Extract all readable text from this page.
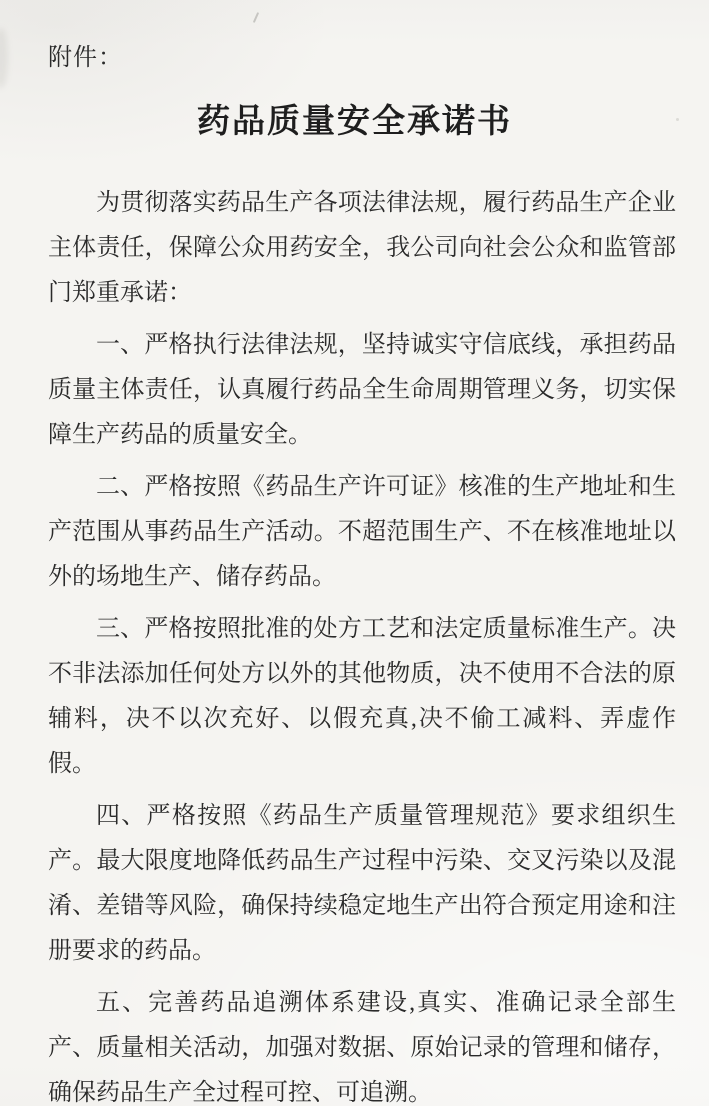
附件：
药品质量安全承诺书

为贯彻落实药品生产各项法律法规，履行药品生产企业主体责任，保障公众用药安全，我公司向社会公众和监管部门郑重承诺：

一、严格执行法律法规，坚持诚实守信底线，承担药品质量主体责任，认真履行药品全生命周期管理义务，切实保障生产药品的质量安全。

二、严格按照《药品生产许可证》核准的生产地址和生产范围从事药品生产活动。不超范围生产、不在核准地址以外的场地生产、储存药品。

三、严格按照批准的处方工艺和法定质量标准生产。决不非法添加任何处方以外的其他物质，决不使用不合法的原辅料，决不以次充好、以假充真,决不偷工减料、弄虚作假。

四、严格按照《药品生产质量管理规范》要求组织生产。最大限度地降低药品生产过程中污染、交叉污染以及混淆、差错等风险，确保持续稳定地生产出符合预定用途和注册要求的药品。

五、完善药品追溯体系建设,真实、准确记录全部生产、质量相关活动，加强对数据、原始记录的管理和储存，确保药品生产全过程可控、可追溯。
